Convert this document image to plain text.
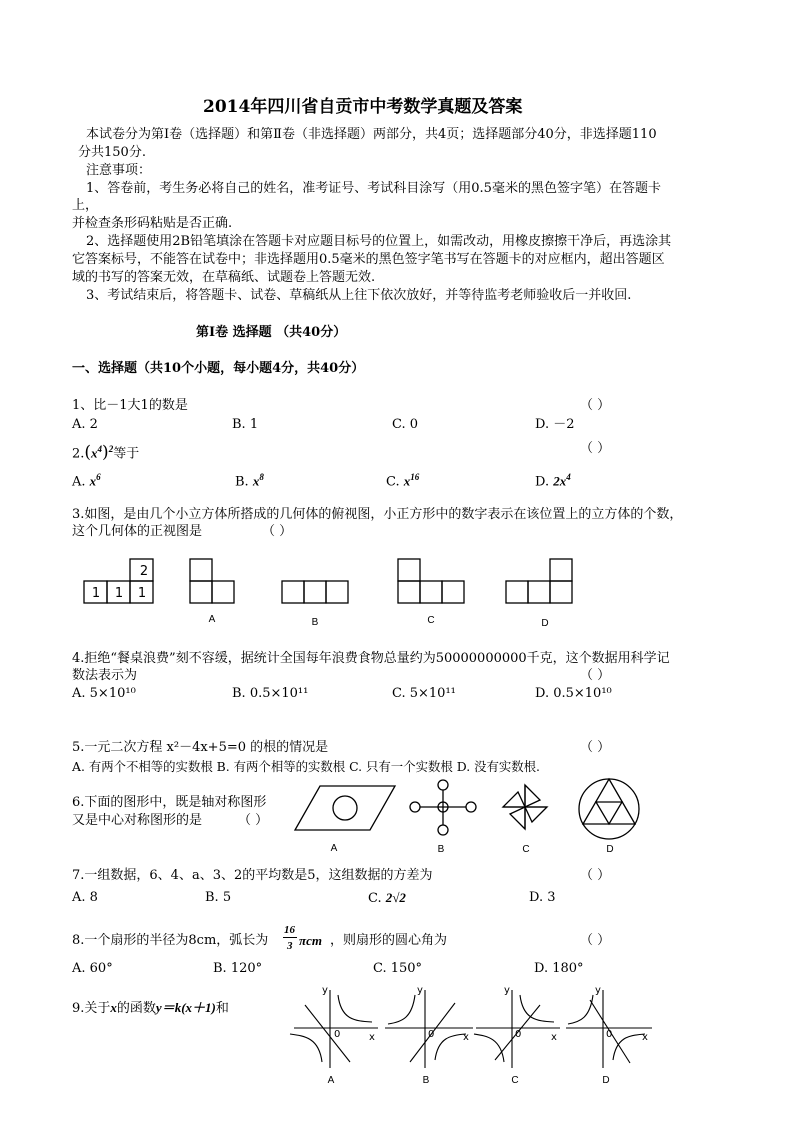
2014年四川省自贡市中考数学真题及答案
本试卷分为第Ⅰ卷（选择题）和第Ⅱ卷（非选择题）两部分，共4页；选择题部分40分，非选择题110
分共150分.
注意事项：
1、答卷前，考生务必将自己的姓名，准考证号、考试科目涂写（用0.5毫米的黑色签字笔）在答题卡
上，
并检查条形码粘贴是否正确.
2、选择题使用2B铅笔填涂在答题卡对应题目标号的位置上，如需改动，用橡皮擦擦干净后，再选涂其
它答案标号，不能答在试卷中；非选择题用0.5毫米的黑色签字笔书写在答题卡的对应框内，超出答题区
域的书写的答案无效，在草稿纸、试题卷上答题无效.
3、考试结束后，将答题卡、试卷、草稿纸从上往下依次放好，并等待监考老师验收后一并收回.
第Ⅰ卷 选择题 （共40分）
一、选择题（共10个小题，每小题4分，共40分）
1、比－1大1的数是	（ ）
A. 2	B. 1	C. 0	D. －2
$2.(x^4)^2$等于	（ ）
A. $x^6$	B. $x^8$	C. $x^{16}$	D. $2x^4$
3.如图，是由几个小立方体所搭成的几何体的俯视图，小正方形中的数字表示在该位置上的立方体的个数，
这个几何体的正视图是	（ ）
2
1 1 1
A	B	C	D
4.拒绝“餐桌浪费”刻不容缓，据统计全国每年浪费食物总量约为50000000000千克，这个数据用科学记
数法表示为	（ ）
A. 5×10¹⁰	B. 0.5×10¹¹	C. 5×10¹¹	D. 0.5×10¹⁰
5.一元二次方程 x²－4x+5=0 的根的情况是	（ ）
A. 有两个不相等的实数根 B. 有两个相等的实数根 C. 只有一个实数根 D. 没有实数根.
6.下面的图形中，既是轴对称图形
又是中心对称图形的是	（ ）
A	B	C	D
7.一组数据，6、4、a、3、2的平均数是5，这组数据的方差为	（ ）
A. 8	B. 5	C. 2√2	D. 3
8.一个扇形的半径为8cm，弧长为
16
3 πcm ，则扇形的圆心角为	（ ）
A. 60°	B. 120°	C. 150°	D. 180°
9.关于x的函数y＝k(x＋1)和
y
x
0
y
x
0
y
x
0
y
x
0
A	B	C	D
